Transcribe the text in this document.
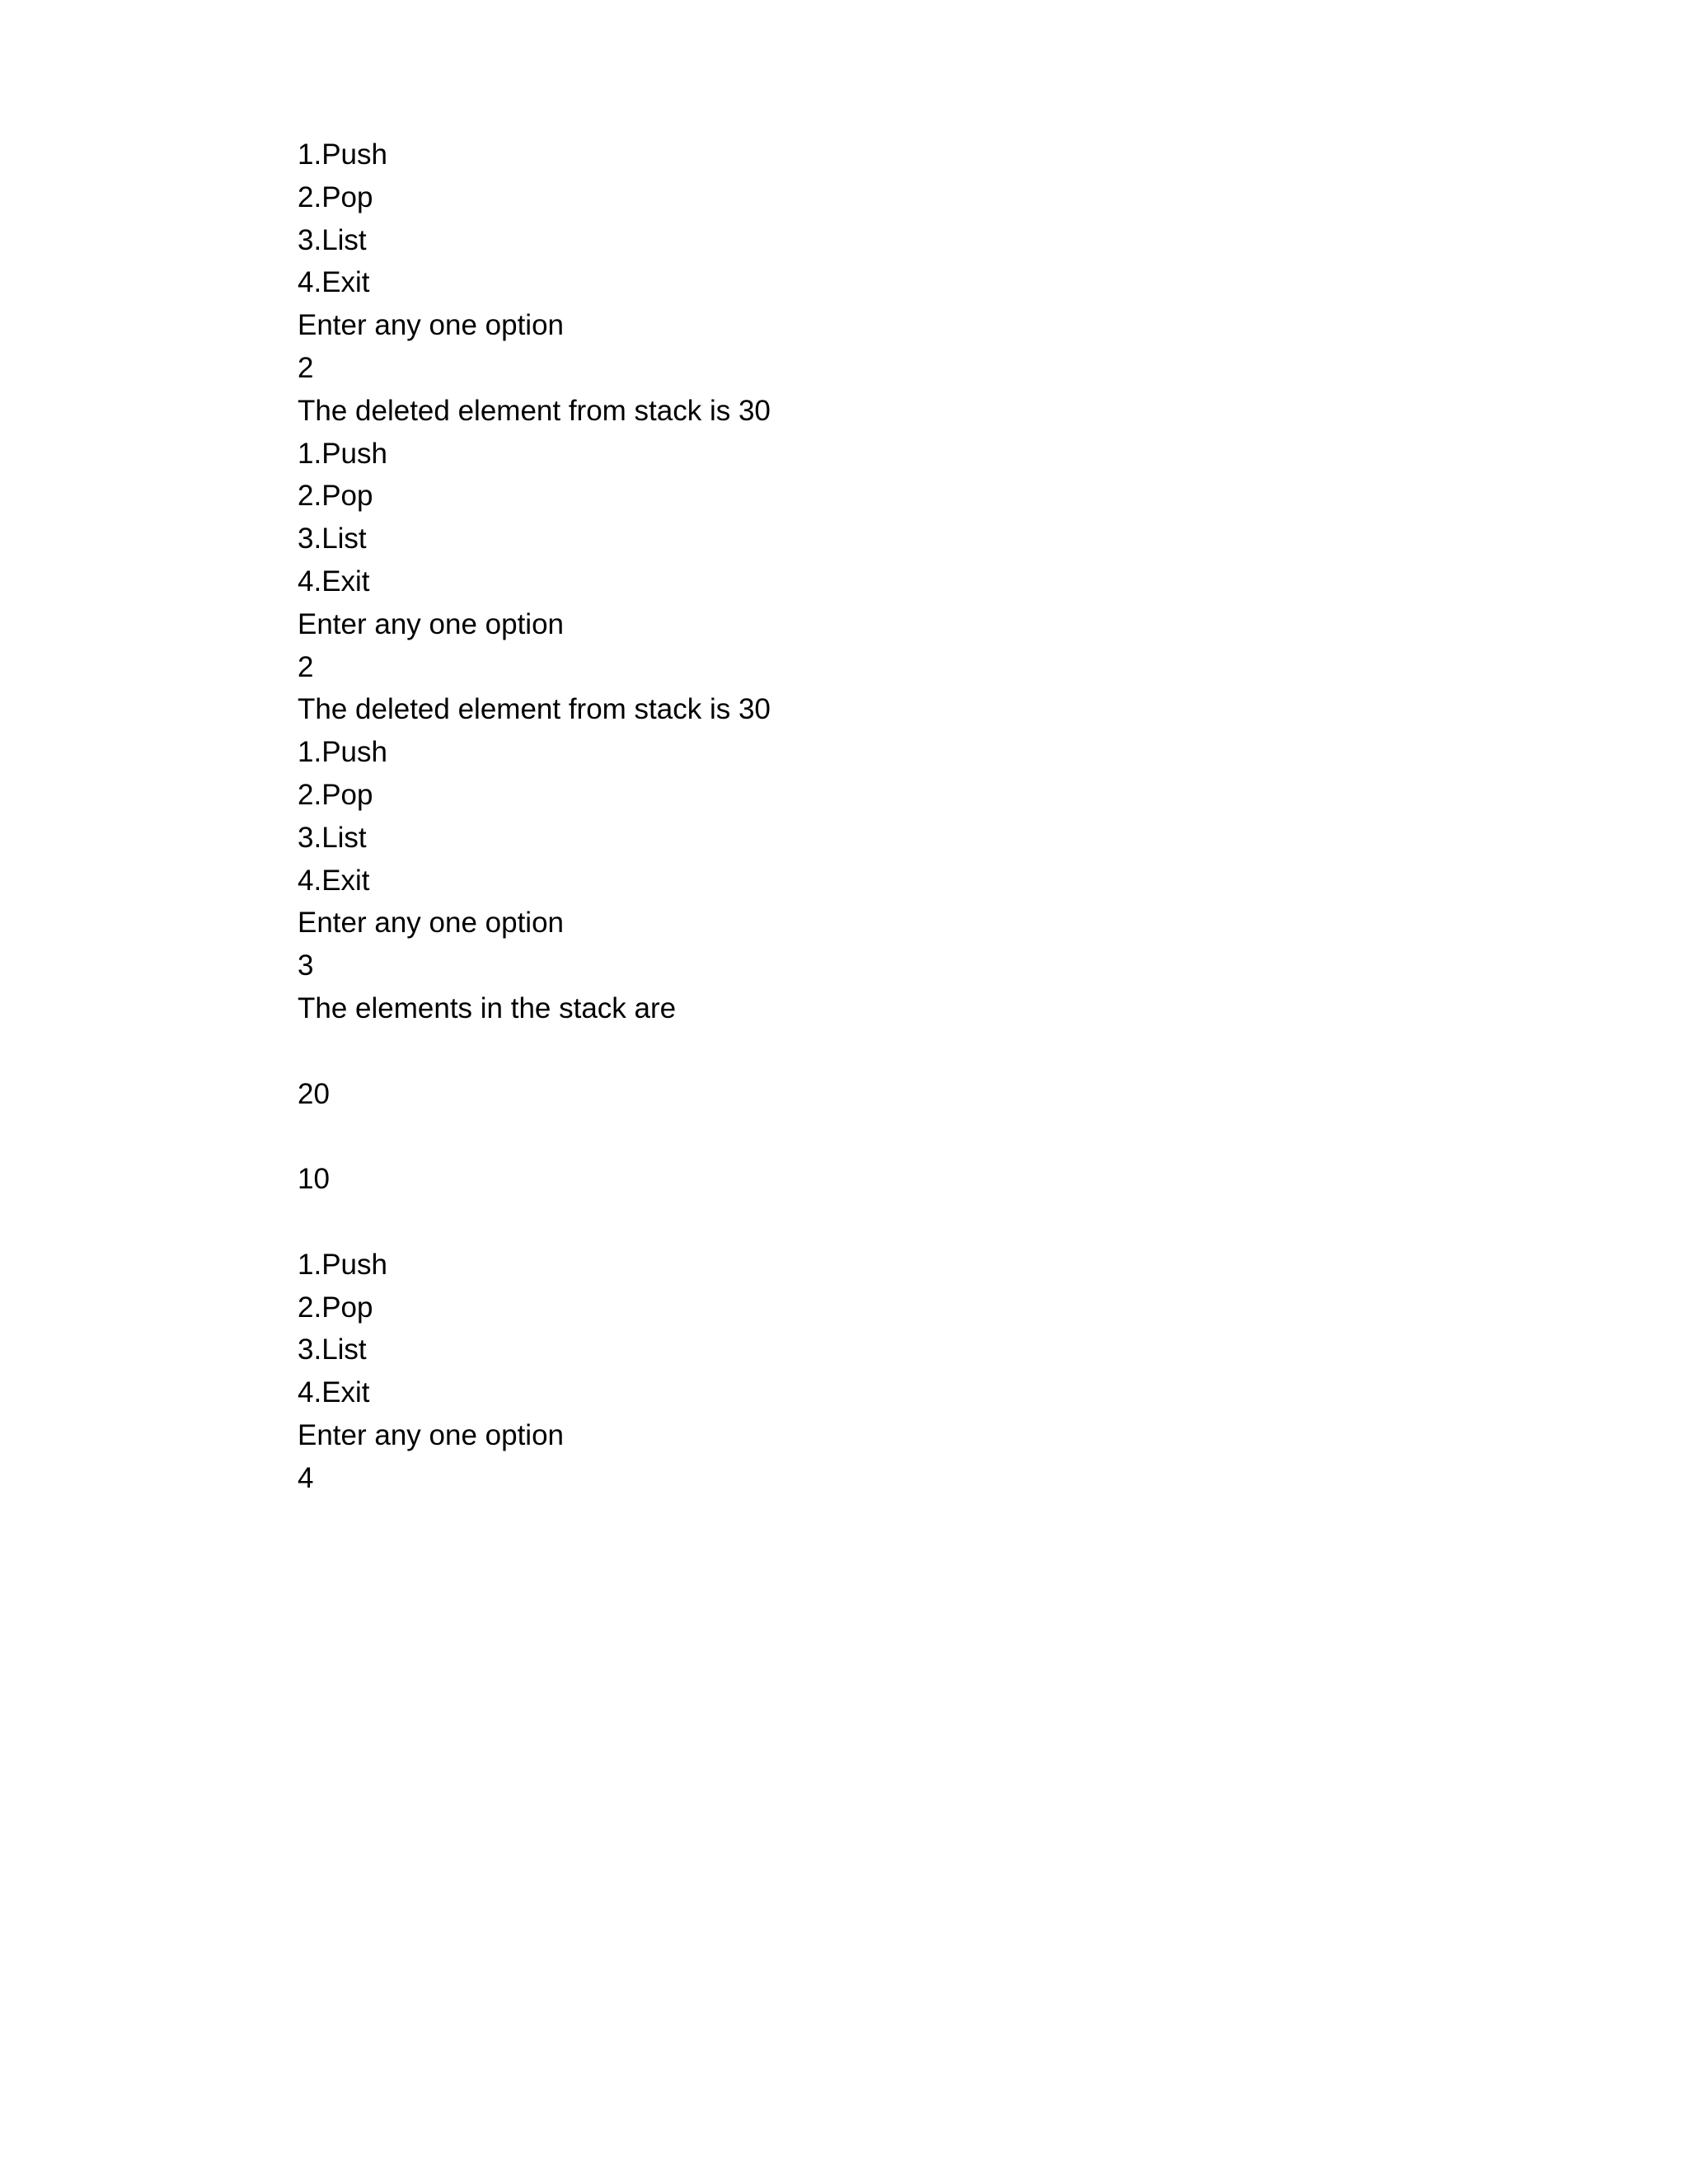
1.Push
2.Pop
3.List
4.Exit
Enter any one option
2
The deleted element from stack is 30
1.Push
2.Pop
3.List
4.Exit
Enter any one option
2
The deleted element from stack is 30
1.Push
2.Pop
3.List
4.Exit
Enter any one option
3
The elements in the stack are
20
10
1.Push
2.Pop
3.List
4.Exit
Enter any one option
4
